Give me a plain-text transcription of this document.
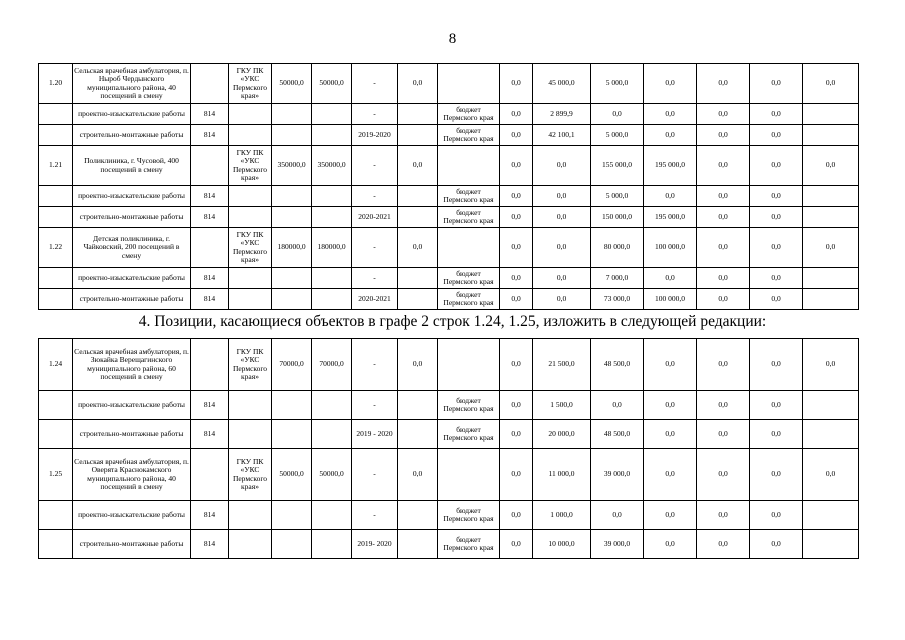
8
1.20	Сельская врачебная амбулатория, п. Ныроб Чердынского муниципального района, 40 посещений в смену		ГКУ ПК «УКС Пермского края»	50000,0	50000,0	-	0,0		0,0	45 000,0	5 000,0	0,0	0,0	0,0	0,0
	проектно-изыскательские работы	814				-		бюджет Пермского края	0,0	2 899,9	0,0	0,0	0,0	0,0	
	строительно-монтажные работы	814				2019-2020		бюджет Пермского края	0,0	42 100,1	5 000,0	0,0	0,0	0,0	
1.21	Поликлиника, г. Чусовой, 400 посещений в смену		ГКУ ПК «УКС Пермского края»	350000,0	350000,0	-	0,0		0,0	0,0	155 000,0	195 000,0	0,0	0,0	0,0
	проектно-изыскательские работы	814				-		бюджет Пермского края	0,0	0,0	5 000,0	0,0	0,0	0,0	
	строительно-монтажные работы	814				2020-2021		бюджет Пермского края	0,0	0,0	150 000,0	195 000,0	0,0	0,0	
1.22	Детская поликлиника, г. Чайковский, 200 посещений в смену		ГКУ ПК «УКС Пермского края»	180000,0	180000,0	-	0,0		0,0	0,0	80 000,0	100 000,0	0,0	0,0	0,0
	проектно-изыскательские работы	814				-		бюджет Пермского края	0,0	0,0	7 000,0	0,0	0,0	0,0	
	строительно-монтажные работы	814				2020-2021		бюджет Пермского края	0,0	0,0	73 000,0	100 000,0	0,0	0,0	
4. Позиции, касающиеся объектов в графе 2 строк 1.24, 1.25, изложить в следующей редакции:
1.24	Сельская врачебная амбулатория, п. Зюкайка Верещагинского муниципального района, 60 посещений в смену		ГКУ ПК «УКС Пермского края»	70000,0	70000,0	-	0,0		0,0	21 500,0	48 500,0	0,0	0,0	0,0	0,0
	проектно-изыскательские работы	814				-		бюджет Пермского края	0,0	1 500,0	0,0	0,0	0,0	0,0	
	строительно-монтажные работы	814				2019 - 2020		бюджет Пермского края	0,0	20 000,0	48 500,0	0,0	0,0	0,0	
1.25	Сельская врачебная амбулатория, п. Оверята Краснокамского муниципального района, 40 посещений в смену		ГКУ ПК «УКС Пермского края»	50000,0	50000,0	-	0,0		0,0	11 000,0	39 000,0	0,0	0,0	0,0	0,0
	проектно-изыскательские работы	814				-		бюджет Пермского края	0,0	1 000,0	0,0	0,0	0,0	0,0	
	строительно-монтажные работы	814				2019- 2020		бюджет Пермского края	0,0	10 000,0	39 000,0	0,0	0,0	0,0	
